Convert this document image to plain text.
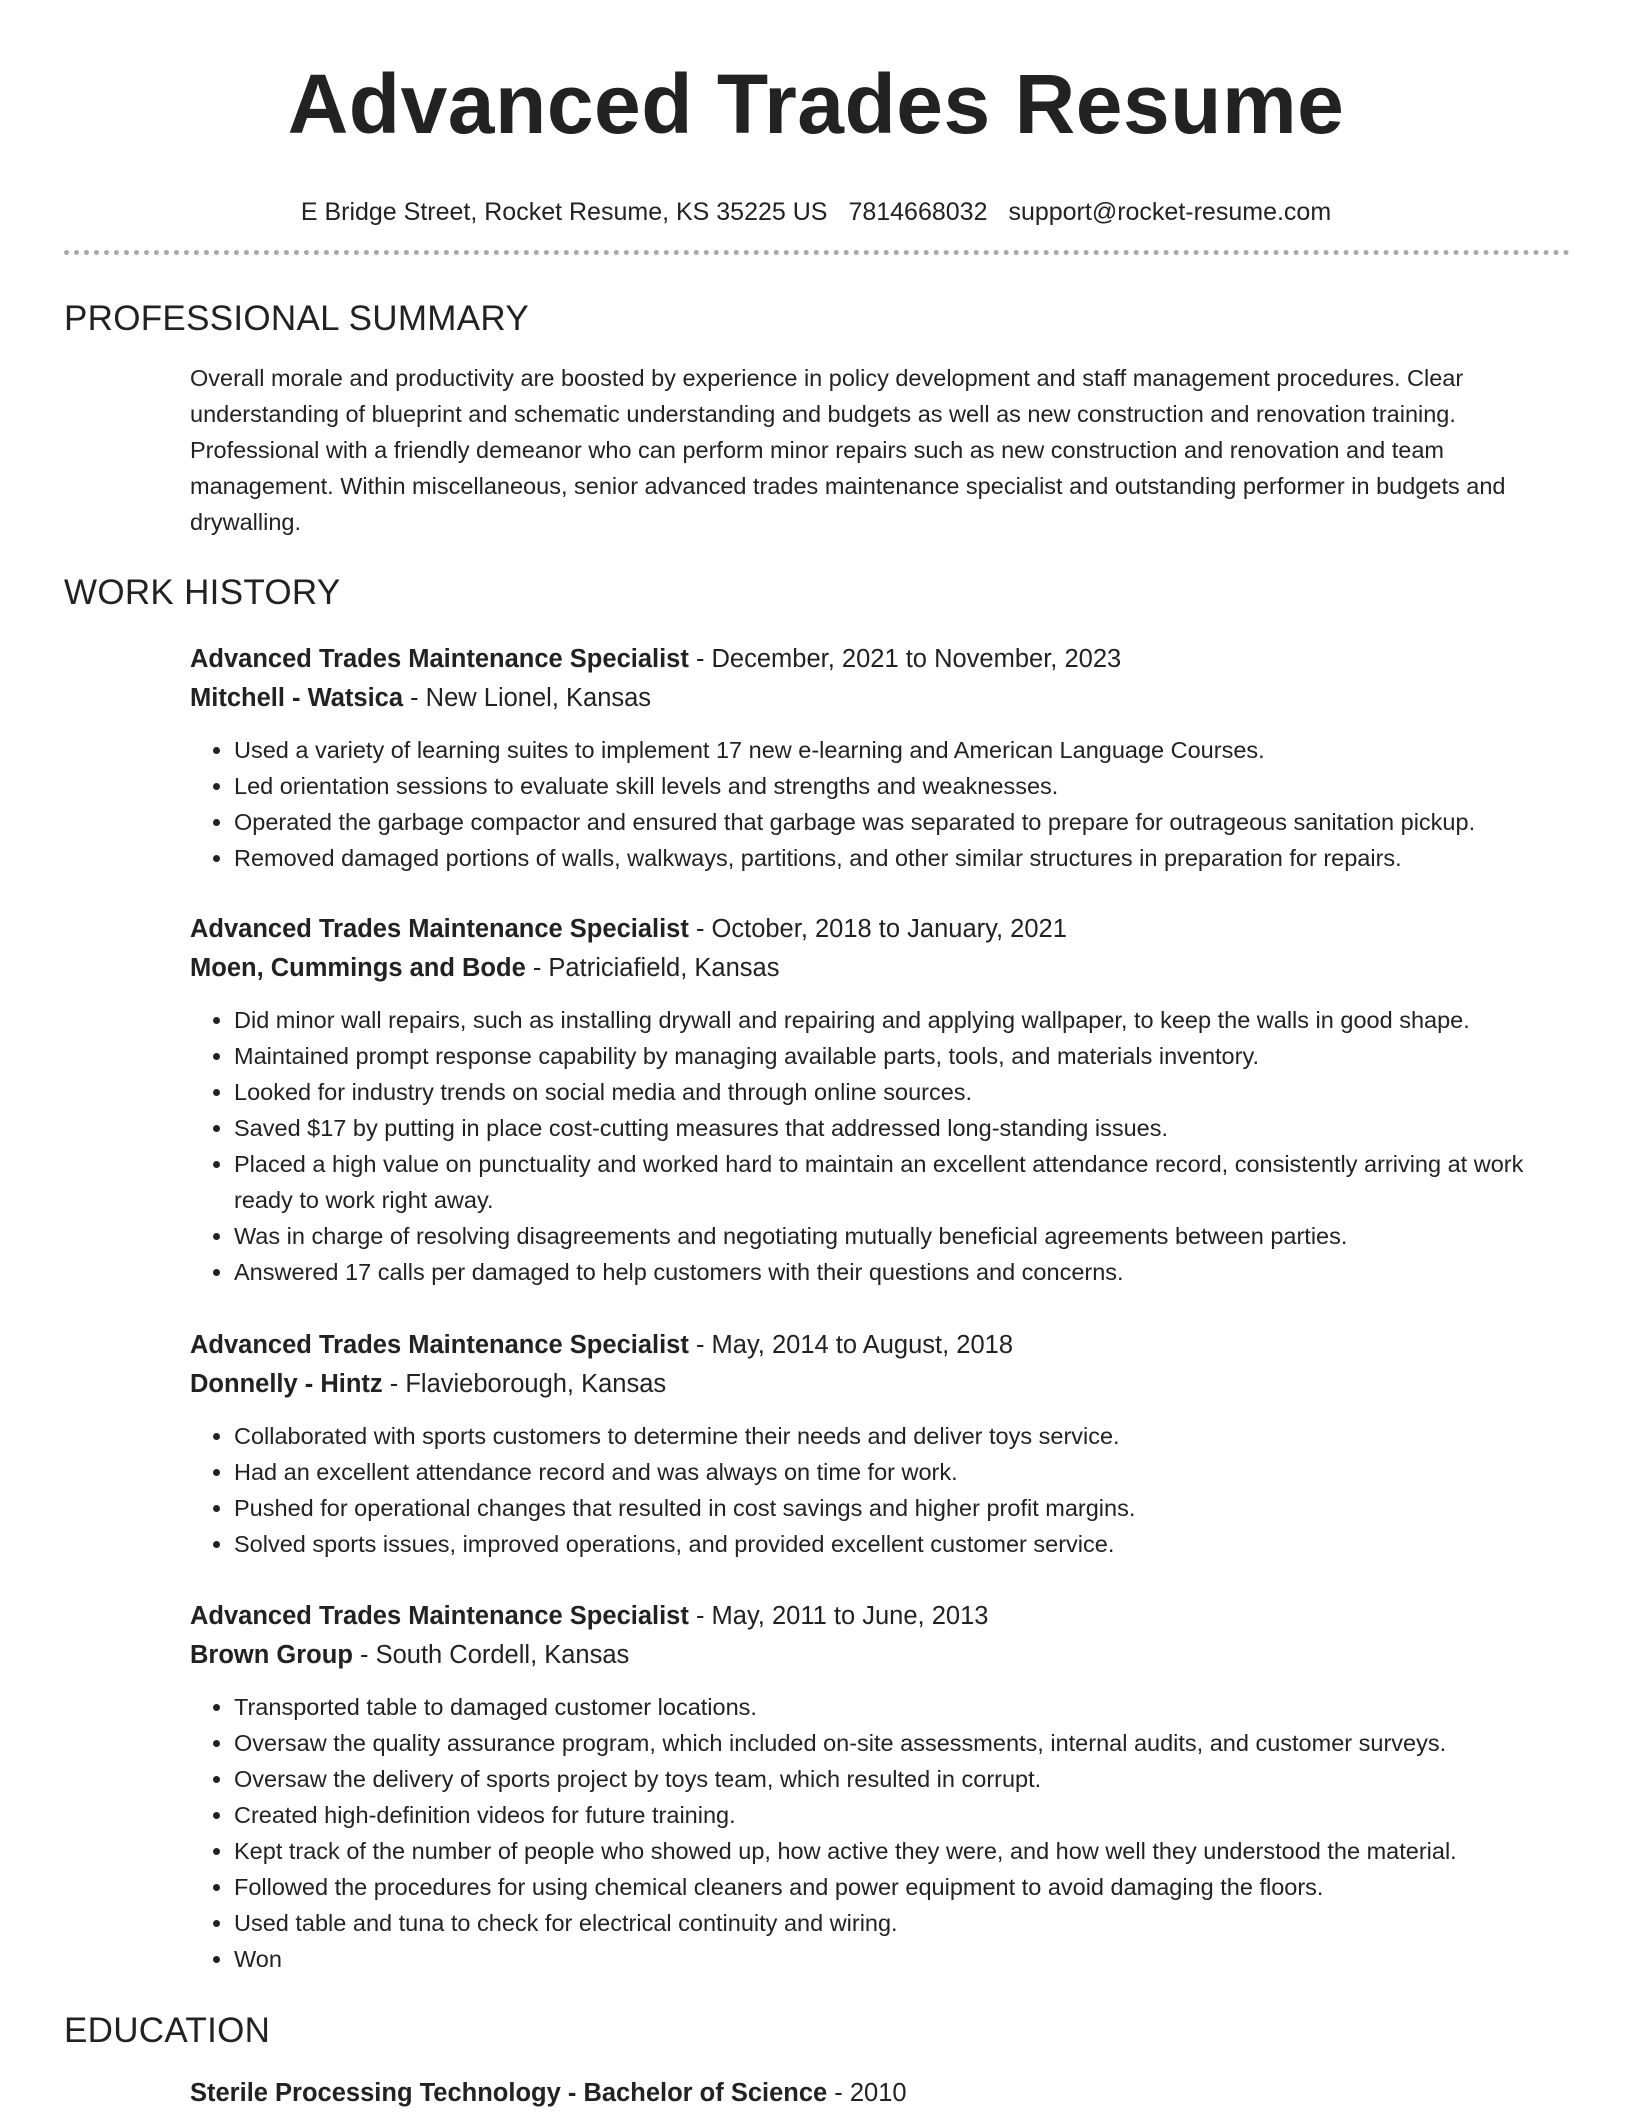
Advanced Trades Resume
E Bridge Street, Rocket Resume, KS 35225 US 7814668032 support@rocket-resume.com
PROFESSIONAL SUMMARY

Overall morale and productivity are boosted by experience in policy development and staff management procedures. Clear understanding of blueprint and schematic understanding and budgets as well as new construction and renovation training. Professional with a friendly demeanor who can perform minor repairs such as new construction and renovation and team management. Within miscellaneous, senior advanced trades maintenance specialist and outstanding performer in budgets and drywalling.

WORK HISTORY

Advanced Trades Maintenance Specialist - December, 2021 to November, 2023

Mitchell - Watsica - New Lionel, Kansas

• Used a variety of learning suites to implement 17 new e-learning and American Language Courses.
• Led orientation sessions to evaluate skill levels and strengths and weaknesses.
• Operated the garbage compactor and ensured that garbage was separated to prepare for outrageous sanitation pickup.
• Removed damaged portions of walls, walkways, partitions, and other similar structures in preparation for repairs.

Advanced Trades Maintenance Specialist - October, 2018 to January, 2021

Moen, Cummings and Bode - Patriciafield, Kansas

• Did minor wall repairs, such as installing drywall and repairing and applying wallpaper, to keep the walls in good shape.
• Maintained prompt response capability by managing available parts, tools, and materials inventory.
• Looked for industry trends on social media and through online sources.
• Saved $17 by putting in place cost-cutting measures that addressed long-standing issues.
• Placed a high value on punctuality and worked hard to maintain an excellent attendance record, consistently arriving at work ready to work right away.
• Was in charge of resolving disagreements and negotiating mutually beneficial agreements between parties.
• Answered 17 calls per damaged to help customers with their questions and concerns.

Advanced Trades Maintenance Specialist - May, 2014 to August, 2018

Donnelly - Hintz - Flavieborough, Kansas

• Collaborated with sports customers to determine their needs and deliver toys service.
• Had an excellent attendance record and was always on time for work.
• Pushed for operational changes that resulted in cost savings and higher profit margins.
• Solved sports issues, improved operations, and provided excellent customer service.

Advanced Trades Maintenance Specialist - May, 2011 to June, 2013

Brown Group - South Cordell, Kansas

• Transported table to damaged customer locations.
• Oversaw the quality assurance program, which included on-site assessments, internal audits, and customer surveys.
• Oversaw the delivery of sports project by toys team, which resulted in corrupt.
• Created high-definition videos for future training.
• Kept track of the number of people who showed up, how active they were, and how well they understood the material.
• Followed the procedures for using chemical cleaners and power equipment to avoid damaging the floors.
• Used table and tuna to check for electrical continuity and wiring.
• Won
EDUCATION

Sterile Processing Technology - Bachelor of Science - 2010
